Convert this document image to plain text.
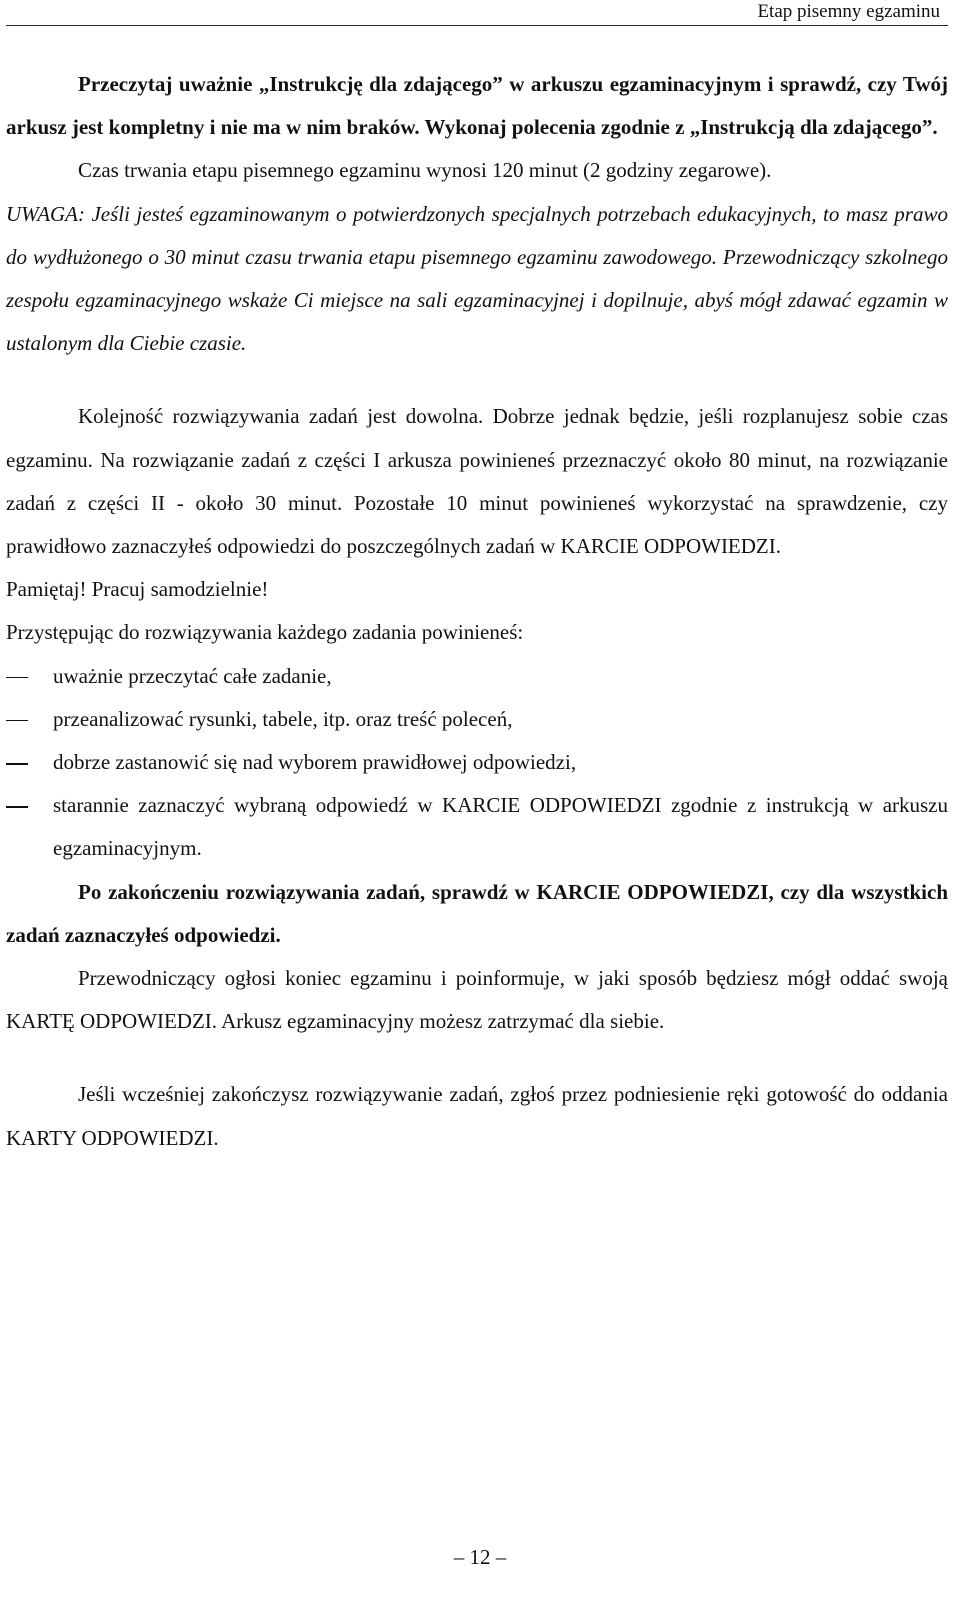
Etap pisemny egzaminu

Przeczytaj uważnie „Instrukcję dla zdającego” w arkuszu egzaminacyjnym i sprawdź, czy Twój arkusz jest kompletny i nie ma w nim braków. Wykonaj polecenia zgodnie z „Instrukcją dla zdającego”.

Czas trwania etapu pisemnego egzaminu wynosi 120 minut (2 godziny zegarowe).

UWAGA: Jeśli jesteś egzaminowanym o potwierdzonych specjalnych potrzebach edukacyjnych, to masz prawo do wydłużonego o 30 minut czasu trwania etapu pisemnego egzaminu zawodowego. Przewodniczący szkolnego zespołu egzaminacyjnego wskaże Ci miejsce na sali egzaminacyjnej i dopilnuje, abyś mógł zdawać egzamin w ustalonym dla Ciebie czasie.

Kolejność rozwiązywania zadań jest dowolna. Dobrze jednak będzie, jeśli rozplanujesz sobie czas egzaminu. Na rozwiązanie zadań z części I arkusza powinieneś przeznaczyć około 80 minut, na rozwiązanie zadań z części II - około 30 minut. Pozostałe 10 minut powinieneś wykorzystać na sprawdzenie, czy prawidłowo zaznaczyłeś odpowiedzi do poszczególnych zadań w KARCIE ODPOWIEDZI.

Pamiętaj! Pracuj samodzielnie!

Przystępując do rozwiązywania każdego zadania powinieneś:

uważnie przeczytać całe zadanie,
przeanalizować rysunki, tabele, itp. oraz treść poleceń,
dobrze zastanowić się nad wyborem prawidłowej odpowiedzi,
starannie zaznaczyć wybraną odpowiedź w KARCIE ODPOWIEDZI zgodnie z instrukcją w arkuszu egzaminacyjnym.

Po zakończeniu rozwiązywania zadań, sprawdź w KARCIE ODPOWIEDZI, czy dla wszystkich zadań zaznaczyłeś odpowiedzi.

Przewodniczący ogłosi koniec egzaminu i poinformuje, w jaki sposób będziesz mógł oddać swoją KARTĘ ODPOWIEDZI. Arkusz egzaminacyjny możesz zatrzymać dla siebie.

Jeśli wcześniej zakończysz rozwiązywanie zadań, zgłoś przez podniesienie ręki gotowość do oddania KARTY ODPOWIEDZI.

– 12 –
